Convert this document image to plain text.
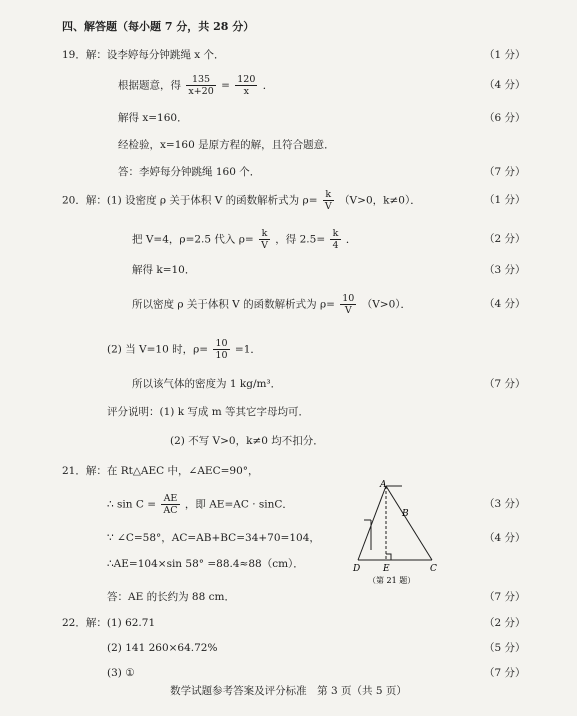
四、解答题（每小题 7 分，共 28 分）
19．解：设李婷每分钟跳绳 x 个．	（1 分）
根据题意，得 $\frac{135}{x+20} = \frac{120}{x}$ ．	（4 分）
解得 x=160．	（6 分）
经检验，x=160 是原方程的解，且符合题意．
答：李婷每分钟跳绳 160 个．	（7 分）
20．解：(1) 设密度 ρ 关于体积 V 的函数解析式为 $\rho= \frac{k}{V} (V>0$，k≠0）．	（1 分）
把 V=4，ρ=2.5 代入 $\rho= \frac{k}{V}$ ，得 $2.5= \frac{k}{4}$ ．	（2 分）
解得 k=10．	（3 分）
所以密度 ρ 关于体积 V 的函数解析式为 $\rho= \frac{10}{V} (V>0)$．	（4 分）
(2) 当 V=10 时，$\rho= \frac{10}{10} =1$．
所以该气体的密度为 1 kg/m³．	（7 分）
评分说明：(1) k 写成 m 等其它字母均可．
(2) 不写 V>0，k≠0 均不扣分．
21．解：在 Rt△AEC 中，∠AEC=90°，
∴ $\sin C = \frac{AE}{AC}$ ，即 AE=AC · sinC．	（3 分）
∵ ∠C=58°，AC=AB+BC=34+70=104，	（4 分）
∴AE=104×sin 58° =88.4≈88（cm）．
答：AE 的长约为 88 cm．	（7 分）
A
B
D	E	C
（第 21 题）
22．解：(1) 62.71	（2 分）
(2) 141 260×64.72%	（5 分）
(3) ①	（7 分）
数学试题参考答案及评分标准　第 3 页（共 5 页）
